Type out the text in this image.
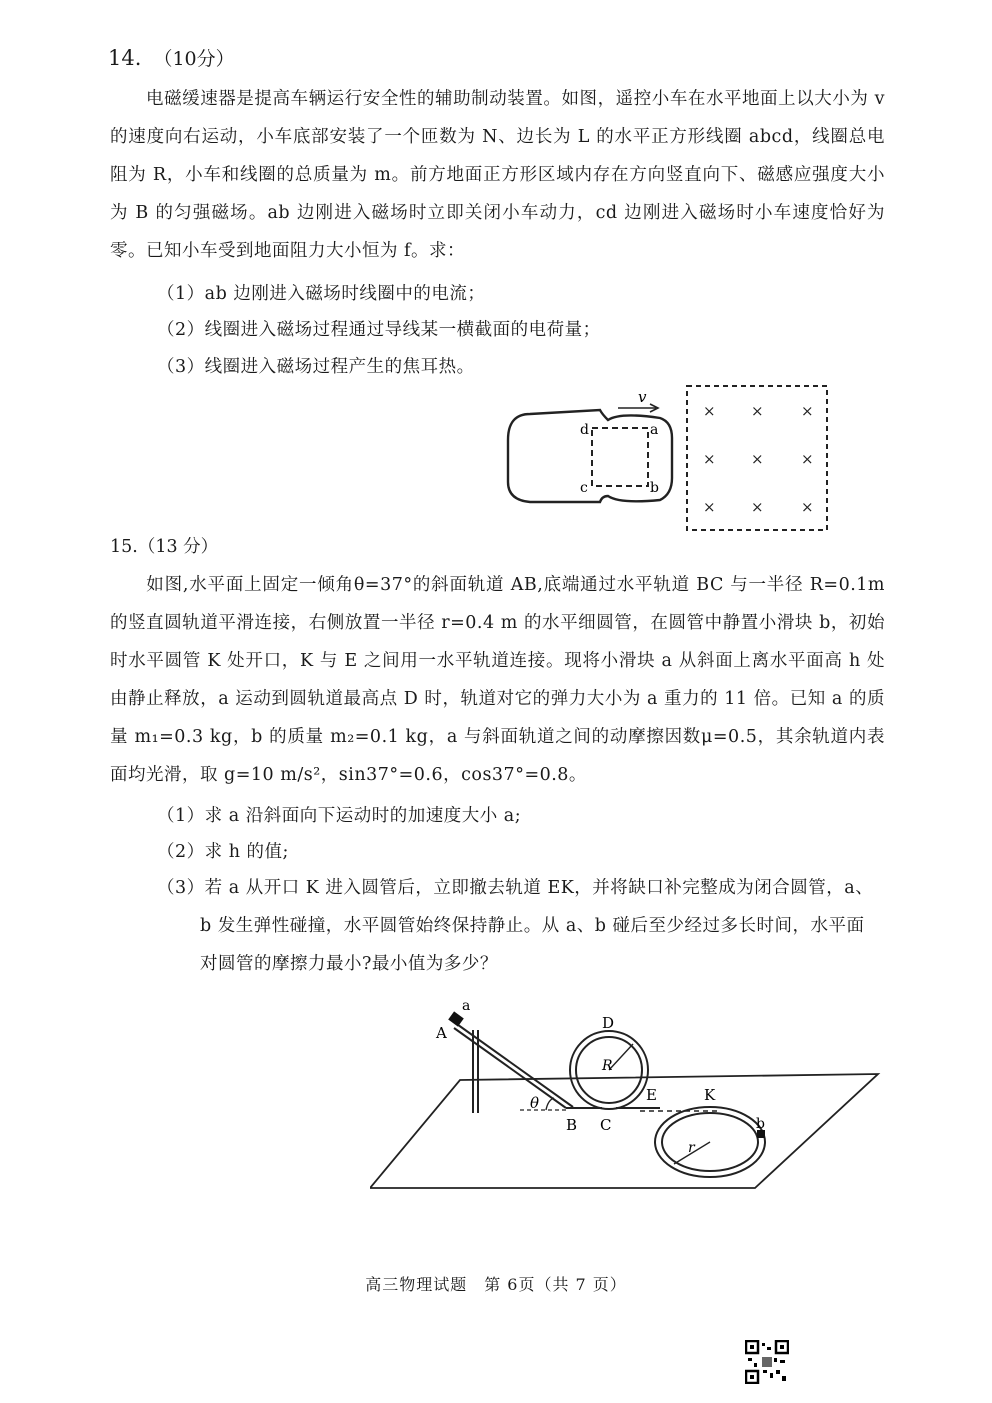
14. （10分）
电磁缓速器是提高车辆运行安全性的辅助制动装置。如图，遥控小车在水平地面上以大小为 v 的速度向右运动，小车底部安装了一个匝数为 N、边长为 L 的水平正方形线圈 abcd，线圈总电阻为 R，小车和线圈的总质量为 m。前方地面正方形区域内存在方向竖直向下、磁感应强度大小为 B 的匀强磁场。ab 边刚进入磁场时立即关闭小车动力，cd 边刚进入磁场时小车速度恰好为零。已知小车受到地面阻力大小恒为 f。求：
（1）ab 边刚进入磁场时线圈中的电流；
（2）线圈进入磁场过程通过导线某一横截面的电荷量；
（3）线圈进入磁场过程产生的焦耳热。
d	a
c	b
v
× × ×
× × ×
× × ×
15.（13 分）
如图,水平面上固定一倾角θ=37°的斜面轨道 AB,底端通过水平轨道 BC 与一半径 R=0.1m 的竖直圆轨道平滑连接，右侧放置一半径 r=0.4 m 的水平细圆管，在圆管中静置小滑块 b，初始时水平圆管 K 处开口，K 与 E 之间用一水平轨道连接。现将小滑块 a 从斜面上离水平面高 h 处由静止释放，a 运动到圆轨道最高点 D 时，轨道对它的弹力大小为 a 重力的 11 倍。已知 a 的质量 m₁=0.3 kg，b 的质量 m₂=0.1 kg，a 与斜面轨道之间的动摩擦因数μ=0.5，其余轨道内表面均光滑，取 g=10 m/s²，sin37°=0.6，cos37°=0.8。
（1）求 a 沿斜面向下运动时的加速度大小 a;
（2）求 h 的值;
（3）若 a 从开口 K 进入圆管后，立即撤去轨道 EK，并将缺口补完整成为闭合圆管，a、b 发生弹性碰撞，水平圆管始终保持静止。从 a、b 碰后至少经过多长时间，水平面对圆管的摩擦力最小?最小值为多少？
a
A
θ
B C
R
D
E	K
b
r
高三物理试题　第 6页（共 7 页）
